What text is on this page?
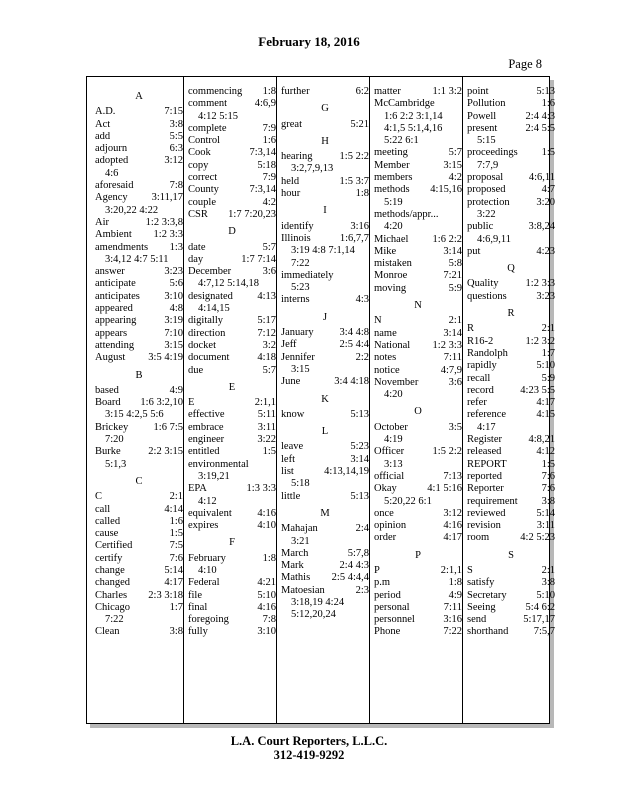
February 18, 2016
Page 8
A
A.D.	7:15
Act	3:8
add	5:5
adjourn	6:3
adopted	3:12
4:6
aforesaid	7:8
Agency 3:11,17
3:20,22 4:22
Air	1:2 3:3,8
Ambient 1:2 3:3
amendments 1:3
3:4,12 4:7 5:11
answer	3:23
anticipate	5:6
anticipates 3:10
appeared	4:8
appearing	3:19
appears	7:10
attending	3:15
August 3:5 4:19
B
based	4:9
Board 1:6 3:2,10
3:15 4:2,5 5:6
Brickey 1:6 7:5
7:20
Burke	2:2 3:15
5:1,3
C
C	2:1
call	4:14
called	1:6
cause	1:5
Certified	7:5
certify	7:6
change	5:14
changed	4:17
Charles 2:3 3:18
Chicago	1:7
7:22
Clean	3:8
commencing 1:8
comment	4:6,9
4:12 5:15
complete	7:9
Control	1:6
Cook	7:3,14
copy	5:18
correct	7:9
County	7:3,14
couple	4:2
CSR 1:7 7:20,23
D
date	5:7
day	1:7 7:14
December	3:6
4:7,12 5:14,18
designated 4:13
4:14,15
digitally	5:17
direction	7:12
docket	3:2
document	4:18
due	5:7
E
E	2:1,1
effective	5:11
embrace	3:11
engineer	3:22
entitled	1:5
environmental
3:19,21
EPA	1:3 3:3
4:12
equivalent 4:16
expires	4:10
F
February	1:8
4:10
Federal	4:21
file	5:10
final	4:16
foregoing	7:8
fully	3:10
further	6:2
G
great	5:21
H
hearing	1:5 2:2
3:2,7,9,13
held	1:5 3:7
hour	1:8
I
identify	3:16
Illinois	1:6,7,7
3:19 4:8 7:1,14
7:22
immediately
5:23
interns	4:3
J
January 3:4 4:8
Jeff	2:5 4:4
Jennifer	2:2
3:15
June	3:4 4:18
K
know	5:13
L
leave	5:23
left	3:14
list	4:13,14,19
5:18
little	5:13
M
Mahajan	2:4
3:21
March	5:7,8
Mark	2:4 4:3
Mathis 2:5 4:4,4
Matoesian	2:3
3:18,19 4:24
5:12,20,24
matter	1:1 3:2
McCambridge
1:6 2:2 3:1,14
4:1,5 5:1,4,16
5:22 6:1
meeting	5:7
Member	3:15
members	4:2
methods 4:15,16
5:19
methods/appr...
4:20
Michael 1:6 2:2
Mike	3:14
mistaken	5:8
Monroe	7:21
moving	5:9
N
N	2:1
name	3:14
National 1:2 3:3
notes	7:11
notice	4:7,9
November	3:6
4:20
O
October	3:5
4:19
Officer	1:5 2:2
3:13
official	7:13
Okay	4:1 5:16
5:20,22 6:1
once	3:12
opinion	4:16
order	4:17
P
P	2:1,1
p.m	1:8
period	4:9
personal	7:11
personnel	3:16
Phone	7:22
point	5:13
Pollution	1:6
Powell	2:4 4:3
present	2:4 5:5
5:15
proceedings 1:5
7:7,9
proposal 4:6,11
proposed	4:7
protection	3:20
3:22
public	3:8,24
4:6,9,11
put	4:23
Q
Quality	1:2 3:3
questions	3:23
R
R	2:1
R16-2	1:2 3:2
Randolph	1:7
rapidly	5:10
recall	5:9
record	4:23 5:5
refer	4:17
reference	4:15
4:17
Register	4:8,21
released	4:12
REPORT	1:5
reported	7:6
Reporter	7:6
requirement 3:8
reviewed	5:14
revision	3:11
room	4:2 5:23
S
S	2:1
satisfy	3:8
Secretary	5:10
Seeing	5:4 6:2
send	5:17,17
shorthand 7:5,7
L.A. Court Reporters, L.L.C.
312-419-9292
